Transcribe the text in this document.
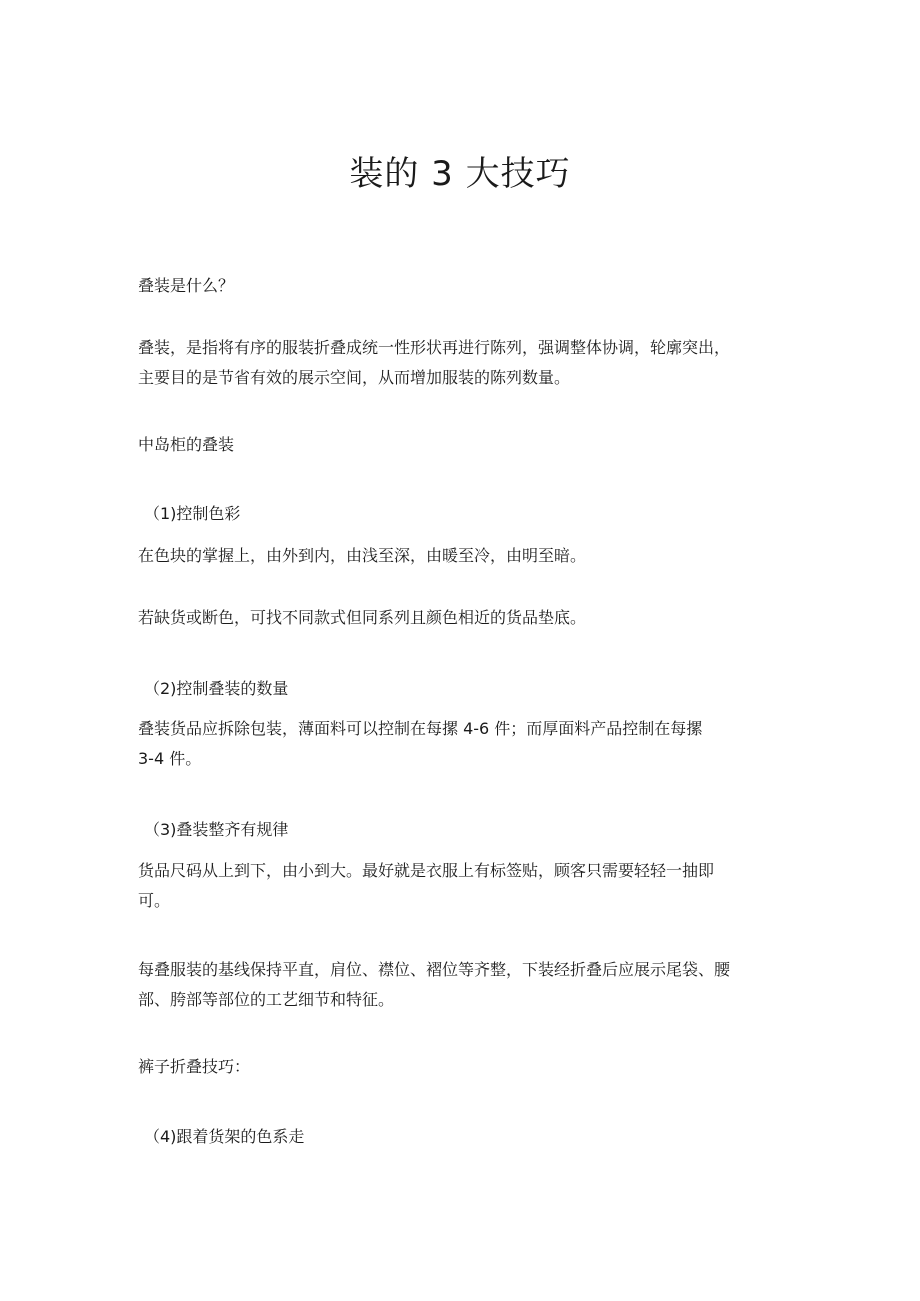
装的 3 大技巧

叠装是什么？

叠装，是指将有序的服装折叠成统一性形状再进行陈列，强调整体协调，轮廓突出，
主要目的是节省有效的展示空间，从而增加服装的陈列数量。

中岛柜的叠装

（1)控制色彩

在色块的掌握上，由外到内，由浅至深，由暖至冷，由明至暗。

若缺货或断色，可找不同款式但同系列且颜色相近的货品垫底。

（2)控制叠装的数量

叠装货品应拆除包装，薄面料可以控制在每摞 4-6 件；而厚面料产品控制在每摞
3-4 件。

（3)叠装整齐有规律

货品尺码从上到下，由小到大。最好就是衣服上有标签贴，顾客只需要轻轻一抽即
可。

每叠服装的基线保持平直，肩位、襟位、褶位等齐整，下装经折叠后应展示尾袋、腰
部、胯部等部位的工艺细节和特征。

裤子折叠技巧：

（4)跟着货架的色系走
